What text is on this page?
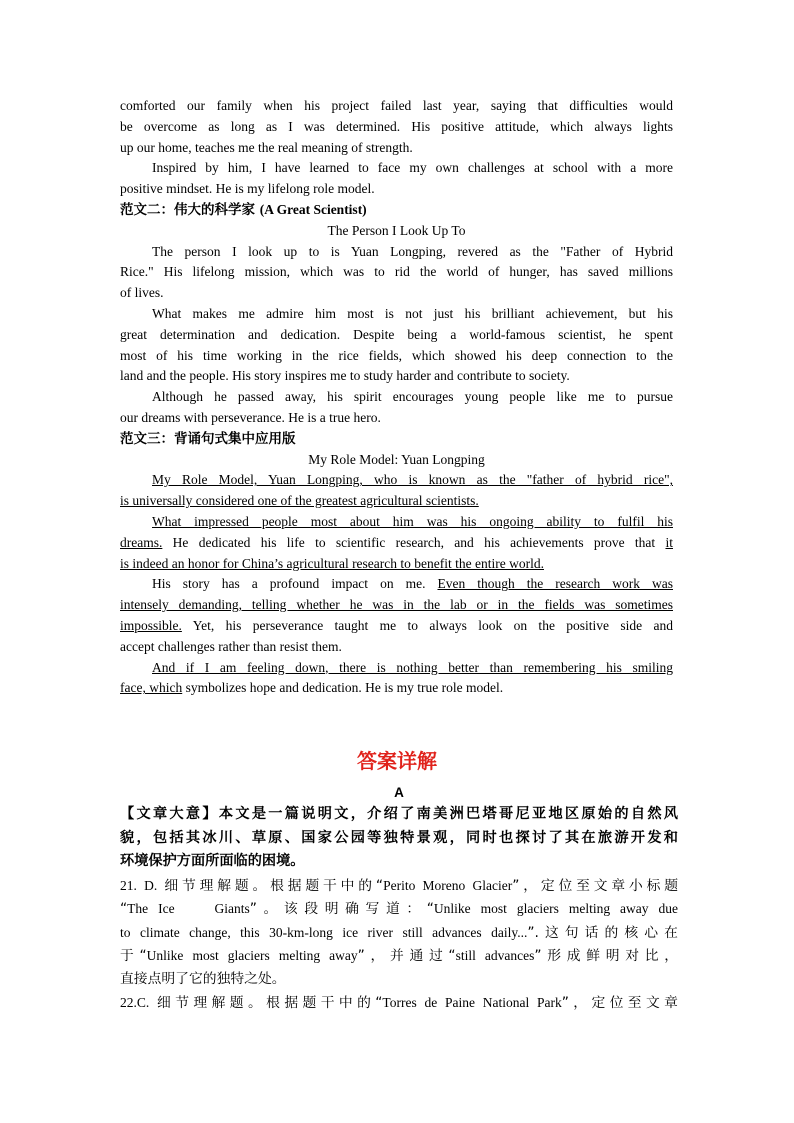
comforted our family when his project failed last year, saying that difficulties would
be overcome as long as I was determined. His positive attitude, which always lights
up our home, teaches me the real meaning of strength.
Inspired by him, I have learned to face my own challenges at school with a more
positive mindset. He is my lifelong role model.
范文二：伟大的科学家 (A Great Scientist)
The Person I Look Up To
The person I look up to is Yuan Longping, revered as the "Father of Hybrid
Rice." His lifelong mission, which was to rid the world of hunger, has saved millions
of lives.
What makes me admire him most is not just his brilliant achievement, but his
great determination and dedication. Despite being a world-famous scientist, he spent
most of his time working in the rice fields, which showed his deep connection to the
land and the people. His story inspires me to study harder and contribute to society.
Although he passed away, his spirit encourages young people like me to pursue
our dreams with perseverance. He is a true hero.
范文三：背诵句式集中应用版
My Role Model: Yuan Longping
My Role Model, Yuan Longping, who is known as the "father of hybrid rice",
is universally considered one of the greatest agricultural scientists.
What impressed people most about him was his ongoing ability to fulfil his
dreams. He dedicated his life to scientific research, and his achievements prove that it
is indeed an honor for China’s agricultural research to benefit the entire world.
His story has a profound impact on me. Even though the research work was
intensely demanding, telling whether he was in the lab or in the fields was sometimes
impossible. Yet, his perseverance taught me to always look on the positive side and
accept challenges rather than resist them.
And if I am feeling down, there is nothing better than remembering his smiling
face, which symbolizes hope and dedication. He is my true role model.
答案详解
A
【文章大意】本文是一篇说明文，介绍了南美洲巴塔哥尼亚地区原始的自然风
貌，包括其冰川、草原、国家公园等独特景观，同时也探讨了其在旅游开发和
环境保护方面所面临的困境。
21. D. 细节理解题。根据题干中的“Perito Moreno Glacier”，定位至文章小标题
“The Ice    Giants”。该段明确写道：“Unlike most glaciers melting away due
to climate change, this 30-km-long ice river still advances daily...”.这句话的核心在
于“Unlike most glaciers melting away”，并通过“still advances”形成鲜明对比，
直接点明了它的独特之处。
22.C. 细节理解题。根据题干中的“Torres de Paine National Park”，定位至文章
